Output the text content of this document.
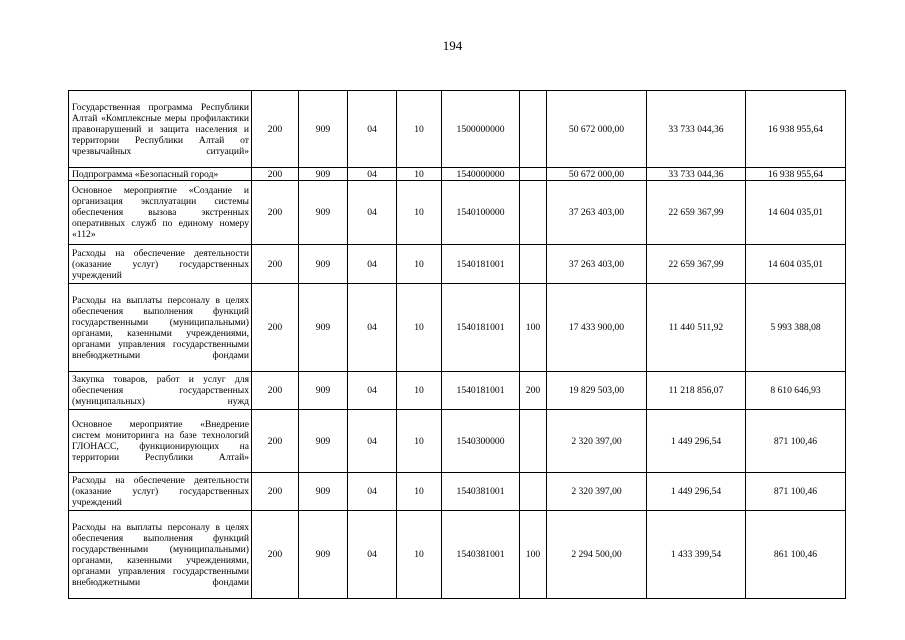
194
Государственная программа Республики Алтай «Комплексные меры профилактики правонарушений и защита населения и территории Республики Алтай от чрезвычайных ситуаций»	200	909	04	10	1500000000		50 672 000,00	33 733 044,36	16 938 955,64
Подпрограмма «Безопасный город»	200	909	04	10	1540000000		50 672 000,00	33 733 044,36	16 938 955,64
Основное мероприятие «Создание и организация эксплуатации системы обеспечения вызова экстренных оперативных служб по единому номеру «112»	200	909	04	10	1540100000		37 263 403,00	22 659 367,99	14 604 035,01
Расходы на обеспечение деятельности (оказание услуг) государственных учреждений	200	909	04	10	1540181001		37 263 403,00	22 659 367,99	14 604 035,01
Расходы на выплаты персоналу в целях обеспечения выполнения функций государственными (муниципальными) органами, казенными учреждениями, органами управления государственными внебюджетными фондами	200	909	04	10	1540181001	100	17 433 900,00	11 440 511,92	5 993 388,08
Закупка товаров, работ и услуг для обеспечения государственных (муниципальных) нужд	200	909	04	10	1540181001	200	19 829 503,00	11 218 856,07	8 610 646,93
Основное мероприятие «Внедрение систем мониторинга на базе технологий ГЛОНАСС, функционирующих на территории Республики Алтай»	200	909	04	10	1540300000		2 320 397,00	1 449 296,54	871 100,46
Расходы на обеспечение деятельности (оказание услуг) государственных учреждений	200	909	04	10	1540381001		2 320 397,00	1 449 296,54	871 100,46
Расходы на выплаты персоналу в целях обеспечения выполнения функций государственными (муниципальными) органами, казенными учреждениями, органами управления государственными внебюджетными фондами	200	909	04	10	1540381001	100	2 294 500,00	1 433 399,54	861 100,46
